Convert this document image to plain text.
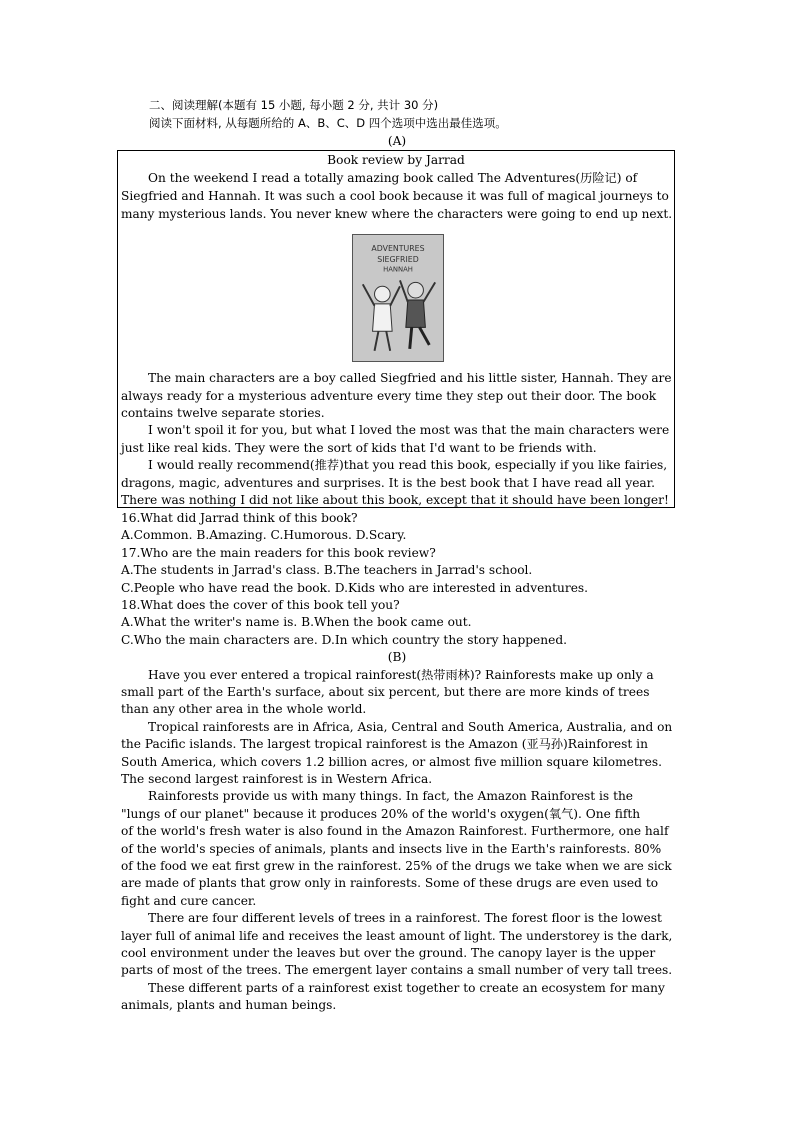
二、阅读理解(本题有 15 小题, 每小题 2 分, 共计 30 分)
阅读下面材料, 从每题所给的 A、B、C、D 四个选项中选出最佳选项。
(A)
Book review by Jarrad
On the weekend I read a totally amazing book called The Adventures(历险记) of
Siegfried and Hannah. It was such a cool book because it was full of magical journeys to
many mysterious lands. You never knew where the characters were going to end up next.
ADVENTURES
SIEGFRIED
HANNAH
The main characters are a boy called Siegfried and his little sister, Hannah. They are
always ready for a mysterious adventure every time they step out their door. The book
contains twelve separate stories.
I won't spoil it for you, but what I loved the most was that the main characters were
just like real kids. They were the sort of kids that I'd want to be friends with.
I would really recommend(推荐)that you read this book, especially if you like fairies,
dragons, magic, adventures and surprises. It is the best book that I have read all year.
There was nothing I did not like about this book, except that it should have been longer!
16.What did Jarrad think of this book?
A.Common. B.Amazing. C.Humorous. D.Scary.
17.Who are the main readers for this book review?
A.The students in Jarrad's class. B.The teachers in Jarrad's school.
C.People who have read the book. D.Kids who are interested in adventures.
18.What does the cover of this book tell you?
A.What the writer's name is. B.When the book came out.
C.Who the main characters are. D.In which country the story happened.
(B)
Have you ever entered a tropical rainforest(热带雨林)? Rainforests make up only a
small part of the Earth's surface, about six percent, but there are more kinds of trees
than any other area in the whole world.
Tropical rainforests are in Africa, Asia, Central and South America, Australia, and on
the Pacific islands. The largest tropical rainforest is the Amazon (亚马孙)Rainforest in
South America, which covers 1.2 billion acres, or almost five million square kilometres.
The second largest rainforest is in Western Africa.
Rainforests provide us with many things. In fact, the Amazon Rainforest is the
"lungs of our planet" because it produces 20% of the world's oxygen(氧气). One fifth
of the world's fresh water is also found in the Amazon Rainforest. Furthermore, one half
of the world's species of animals, plants and insects live in the Earth's rainforests. 80%
of the food we eat first grew in the rainforest. 25% of the drugs we take when we are sick
are made of plants that grow only in rainforests. Some of these drugs are even used to
fight and cure cancer.
There are four different levels of trees in a rainforest. The forest floor is the lowest
layer full of animal life and receives the least amount of light. The understorey is the dark,
cool environment under the leaves but over the ground. The canopy layer is the upper
parts of most of the trees. The emergent layer contains a small number of very tall trees.
These different parts of a rainforest exist together to create an ecosystem for many
animals, plants and human beings.
